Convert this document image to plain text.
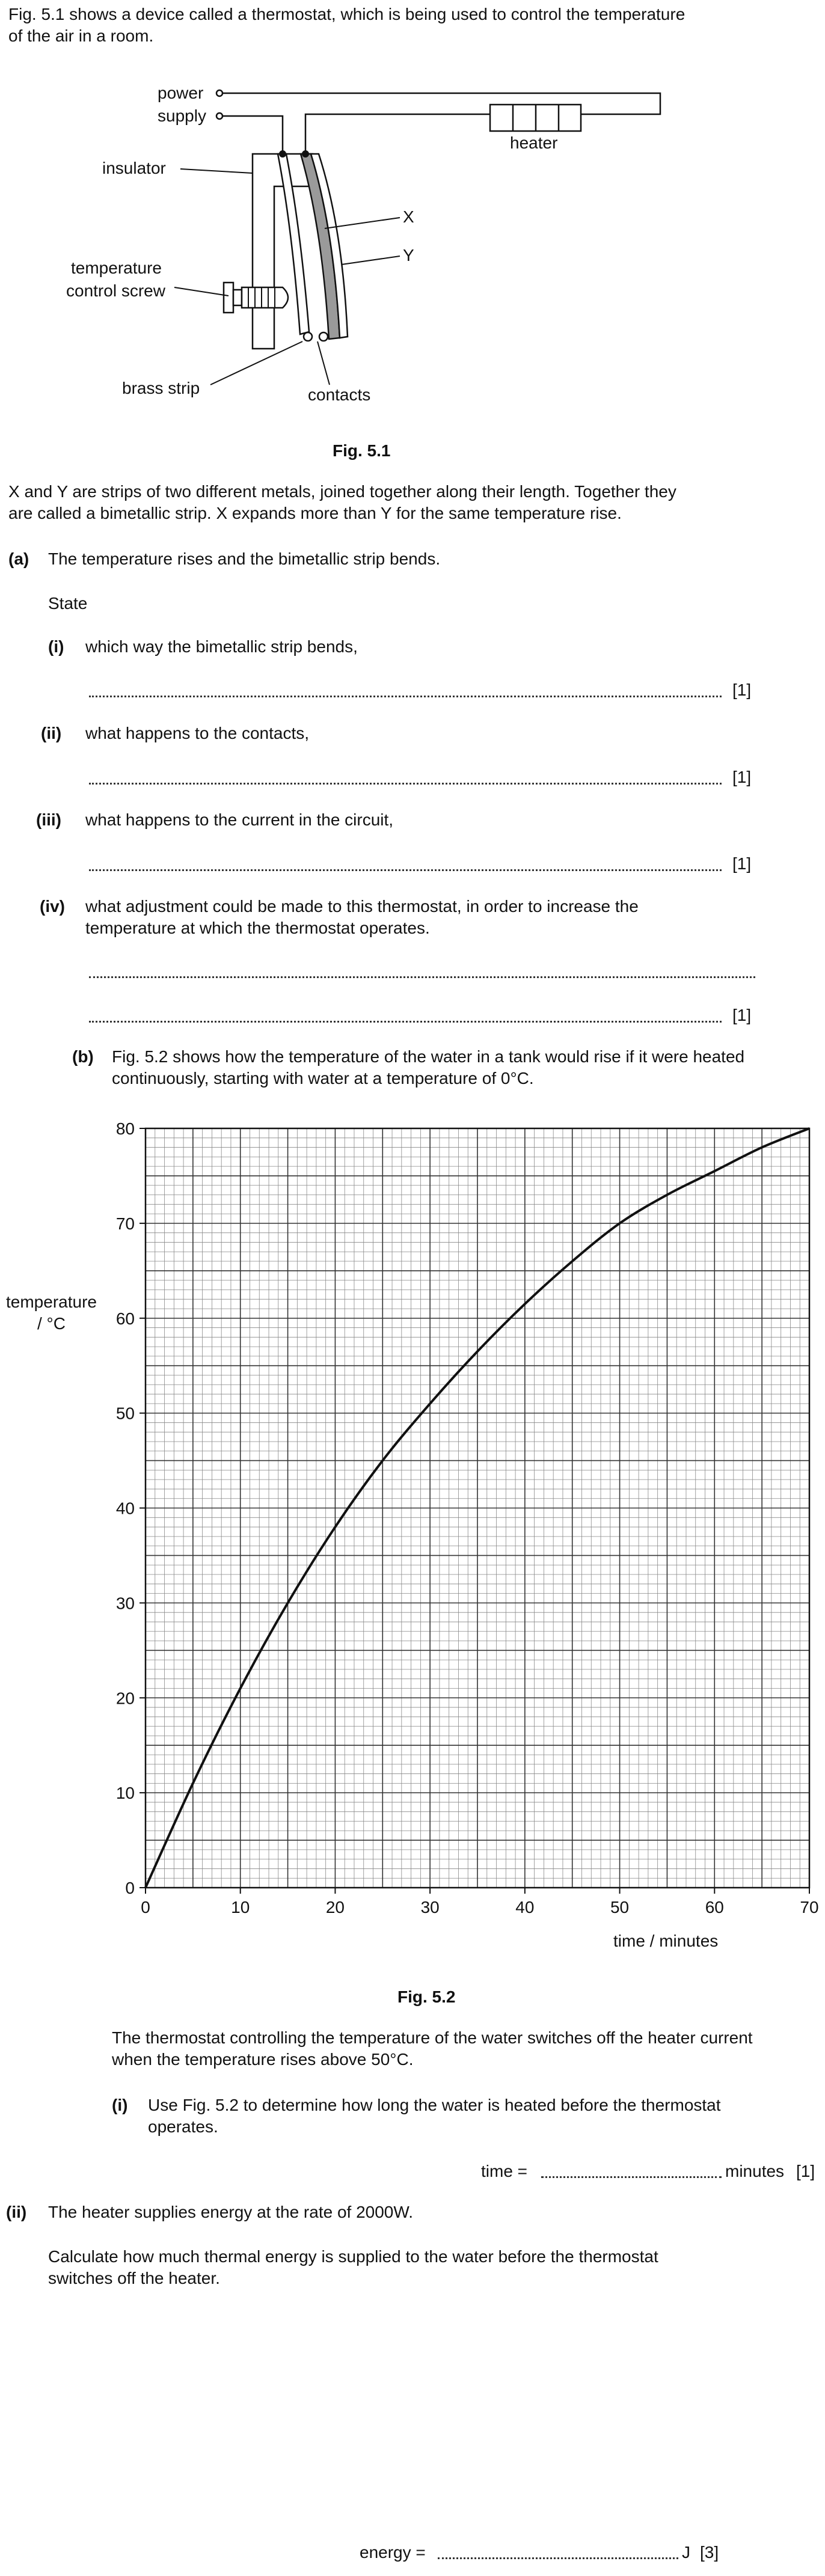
Fig. 5.1 shows a device called a thermostat, which is being used to control the temperature
of the air in a room.
power
supply
heater
insulator
X
Y
temperature
control screw
brass strip	contacts
Fig. 5.1
X and Y are strips of two different metals, joined together along their length. Together they
are called a bimetallic strip. X expands more than Y for the same temperature rise.
(a) The temperature rises and the bimetallic strip bends.
State
(i) which way the bimetallic strip bends,
[1]
(ii) what happens to the contacts,
[1]
(iii) what happens to the current in the circuit,
[1]
(iv) what adjustment could be made to this thermostat, in order to increase the
temperature at which the thermostat operates.
[1]
(b) Fig. 5.2 shows how the temperature of the water in a tank would rise if it were heated
continuously, starting with water at a temperature of 0°C.
0	10	20	30	40	50	60	70
0
10
20
30
40
50
60
70
80
temperature
/ °C
time / minutes
Fig. 5.2
The thermostat controlling the temperature of the water switches off the heater current
when the temperature rises above 50°C.
(i) Use Fig. 5.2 to determine how long the water is heated before the thermostat
operates.
time =	minutes [1]
(ii) The heater supplies energy at the rate of 2000W.
Calculate how much thermal energy is supplied to the water before the thermostat
switches off the heater.
energy =	J [3]
